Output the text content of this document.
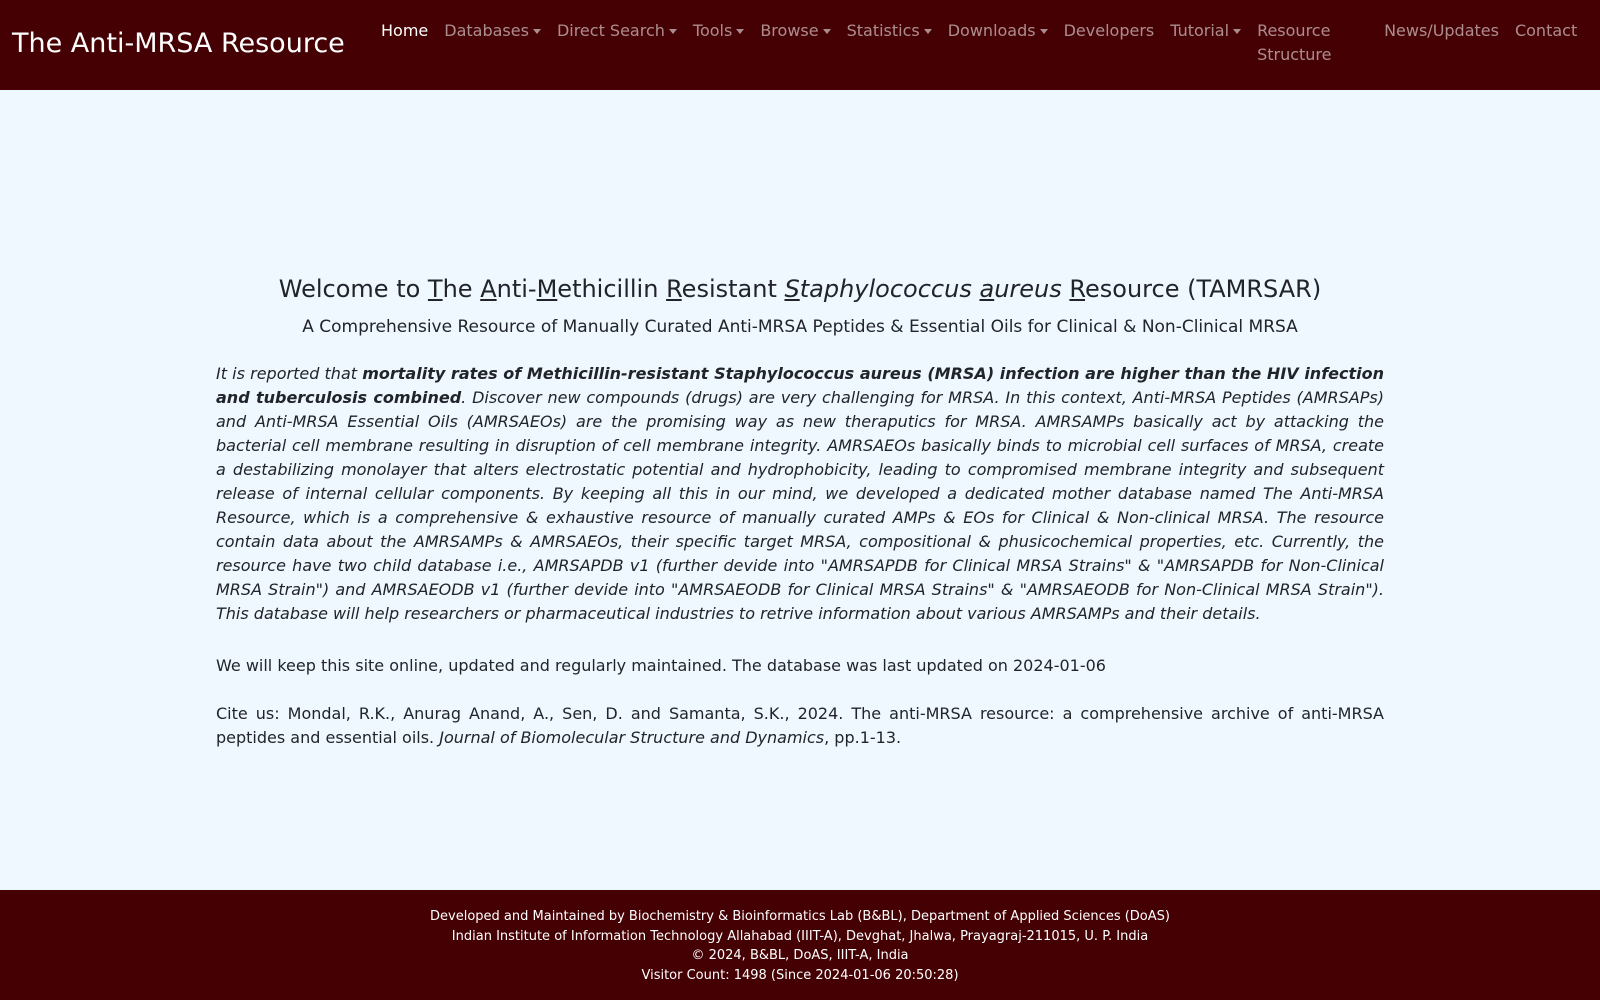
The Anti-MRSA Resource Home Databases Direct Search Tools Browse Statistics Downloads Developers Tutorial	Resource Structure
News/Updates Contact
Welcome to The Anti-Methicillin Resistant Staphylococcus aureus Resource (TAMRSAR)

A Comprehensive Resource of Manually Curated Anti-MRSA Peptides & Essential Oils for Clinical & Non-Clinical MRSA

It is reported that mortality rates of Methicillin-resistant Staphylococcus aureus (MRSA) infection are higher than the HIV infection and tuberculosis combined. Discover new compounds (drugs) are very challenging for MRSA. In this context, Anti-MRSA Peptides (AMRSAPs) and Anti-MRSA Essential Oils (AMRSAEOs) are the promising way as new theraputics for MRSA. AMRSAMPs basically act by attacking the bacterial cell membrane resulting in disruption of cell membrane integrity. AMRSAEOs basically binds to microbial cell surfaces of MRSA, create a destabilizing monolayer that alters electrostatic potential and hydrophobicity, leading to compromised membrane integrity and subsequent release of internal cellular components. By keeping all this in our mind, we developed a dedicated mother database named The Anti-MRSA Resource, which is a comprehensive & exhaustive resource of manually curated AMPs & EOs for Clinical & Non-clinical MRSA. The resource contain data about the AMRSAMPs & AMRSAEOs, their specific target MRSA, compositional & phusicochemical properties, etc. Currently, the resource have two child database i.e., AMRSAPDB v1 (further devide into "AMRSAPDB for Clinical MRSA Strains" & "AMRSAPDB for Non-Clinical MRSA Strain") and AMRSAEODB v1 (further devide into "AMRSAEODB for Clinical MRSA Strains" & "AMRSAEODB for Non-Clinical MRSA Strain"). This database will help researchers or pharmaceutical industries to retrive information about various AMRSAMPs and their details.

We will keep this site online, updated and regularly maintained. The database was last updated on 2024-01-06

Cite us: Mondal, R.K., Anurag Anand, A., Sen, D. and Samanta, S.K., 2024. The anti-MRSA resource: a comprehensive archive of anti-MRSA peptides and essential oils. Journal of Biomolecular Structure and Dynamics, pp.1-13.

Developed and Maintained by Biochemistry & Bioinformatics Lab (B&BL), Department of Applied Sciences (DoAS)
Indian Institute of Information Technology Allahabad (IIIT-A), Devghat, Jhalwa, Prayagraj-211015, U. P. India
© 2024, B&BL, DoAS, IIIT-A, India
Visitor Count: 1498 (Since 2024-01-06 20:50:28)
